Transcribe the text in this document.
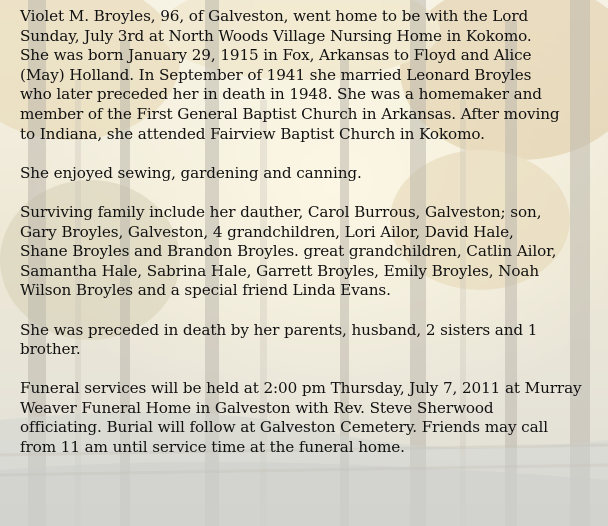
Violet M. Broyles, 96, of Galveston, went home to be with the Lord
Sunday, July 3rd at North Woods Village Nursing Home in Kokomo.
She was born January 29, 1915 in Fox, Arkansas to Floyd and Alice
(May) Holland. In September of 1941 she married Leonard Broyles
who later preceded her in death in 1948. She was a homemaker and
member of the First General Baptist Church in Arkansas. After moving
to Indiana, she attended Fairview Baptist Church in Kokomo.

She enjoyed sewing, gardening and canning.

Surviving family include her dauther, Carol Burrous, Galveston; son,
Gary Broyles, Galveston, 4 grandchildren, Lori Ailor, David Hale,
Shane Broyles and Brandon Broyles. great grandchildren, Catlin Ailor,
Samantha Hale, Sabrina Hale, Garrett Broyles, Emily Broyles, Noah
Wilson Broyles and a special friend Linda Evans.

She was preceded in death by her parents, husband, 2 sisters and 1
brother.

Funeral services will be held at 2:00 pm Thursday, July 7, 2011 at Murray
Weaver Funeral Home in Galveston with Rev. Steve Sherwood
officiating. Burial will follow at Galveston Cemetery. Friends may call
from 11 am until service time at the funeral home.
